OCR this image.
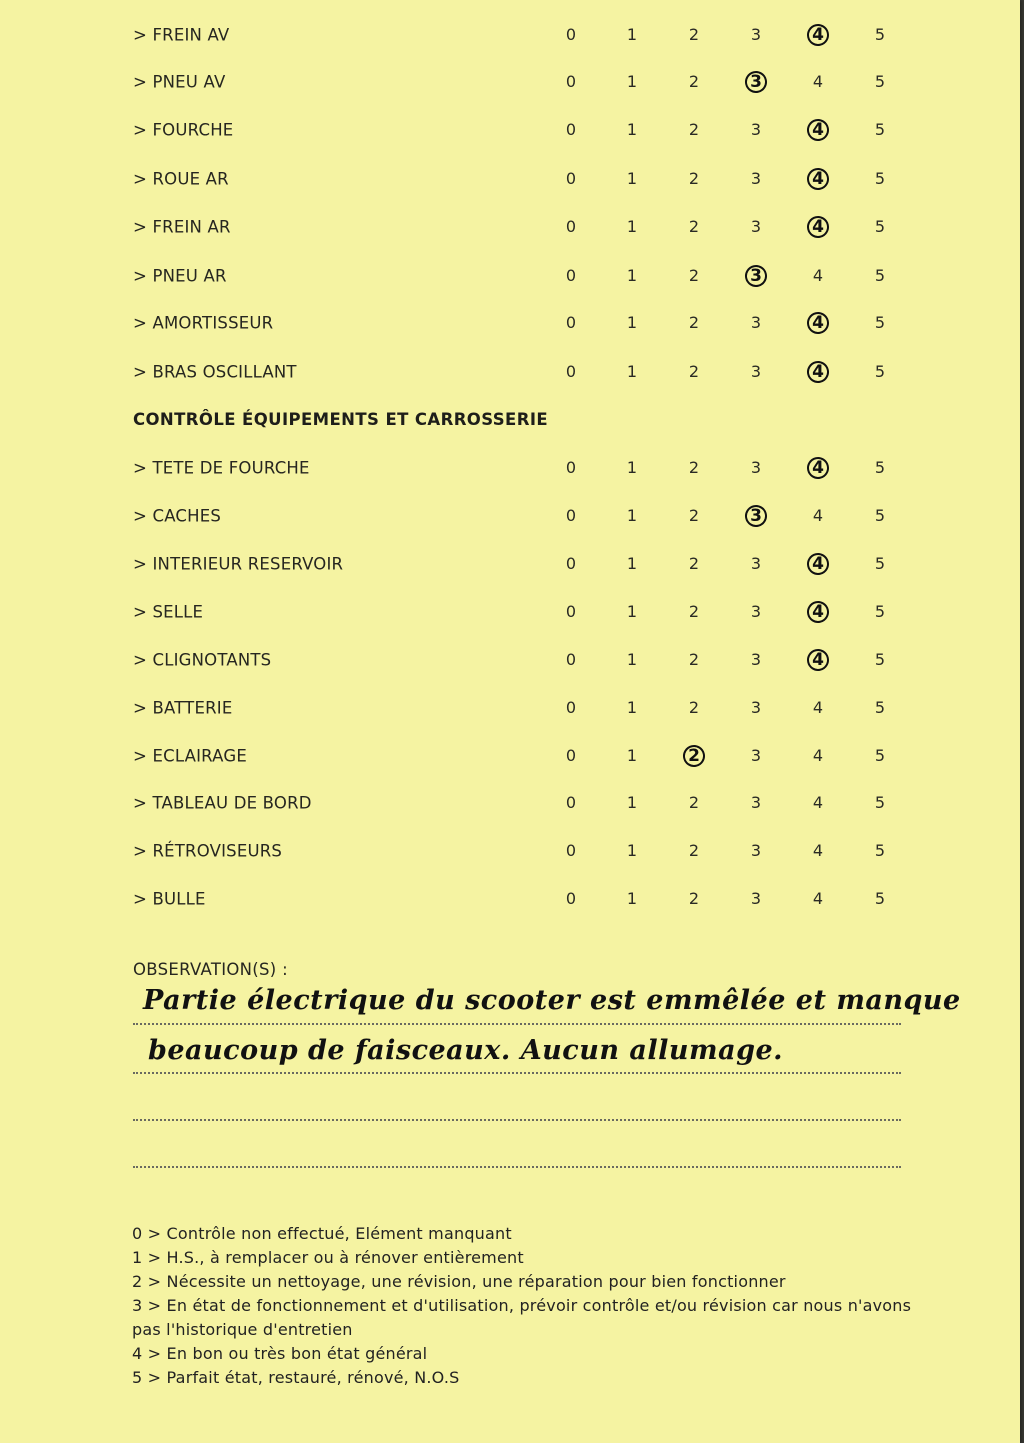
> FREIN AV	0	1	2	3	4	5
> PNEU AV	0	1	2	3	4	5
> FOURCHE	0	1	2	3	4	5
> ROUE AR	0	1	2	3	4	5
> FREIN AR	0	1	2	3	4	5
> PNEU AR	0	1	2	3	4	5
> AMORTISSEUR	0	1	2	3	4	5
> BRAS OSCILLANT	0	1	2	3	4	5
> TETE DE FOURCHE	0	1	2	3	4	5
> CACHES	0	1	2	3	4	5
> INTERIEUR RESERVOIR	0	1	2	3	4	5
> SELLE	0	1	2	3	4	5
> CLIGNOTANTS	0	1	2	3	4	5
> BATTERIE	0	1	2	3	4	5
> ECLAIRAGE	0	1	2	3	4	5
> TABLEAU DE BORD	0	1	2	3	4	5
> RÉTROVISEURS	0	1	2	3	4	5
> BULLE	0	1	2	3	4	5
CONTRÔLE ÉQUIPEMENTS ET CARROSSERIE
OBSERVATION(S) :
Partie électrique du scooter est emmêlée et manque
beaucoup de faisceaux. Aucun allumage.
0 > Contrôle non effectué, Elément manquant
1 > H.S., à remplacer ou à rénover entièrement
2 > Nécessite un nettoyage, une révision, une réparation pour bien fonctionner
3 > En état de fonctionnement et d'utilisation, prévoir contrôle et/ou révision car nous n'avons pas l'historique d'entretien
4 > En bon ou très bon état général
5 > Parfait état, restauré, rénové, N.O.S
